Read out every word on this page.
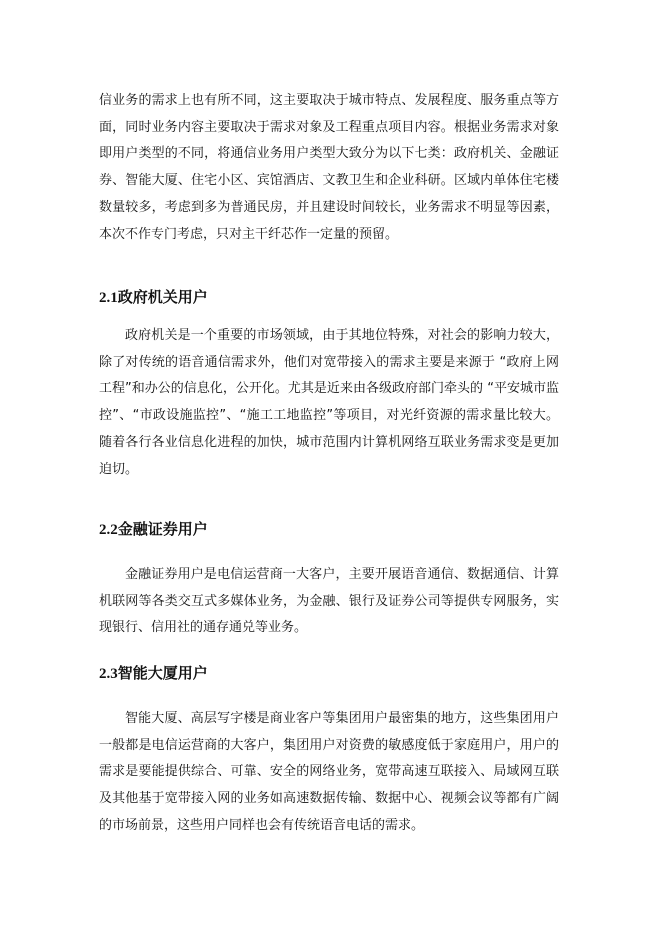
信业务的需求上也有所不同，这主要取决于城市特点、发展程度、服务重点等方面，同时业务内容主要取决于需求对象及工程重点项目内容。根据业务需求对象即用户类型的不同，将通信业务用户类型大致分为以下七类：政府机关、金融证券、智能大厦、住宅小区、宾馆酒店、文教卫生和企业科研。区域内单体住宅楼数量较多，考虑到多为普通民房，并且建设时间较长，业务需求不明显等因素，本次不作专门考虑，只对主干纤芯作一定量的预留。

2.1政府机关用户

政府机关是一个重要的市场领域，由于其地位特殊，对社会的影响力较大，除了对传统的语音通信需求外，他们对宽带接入的需求主要是来源于 “政府上网工程”和办公的信息化，公开化。尤其是近来由各级政府部门牵头的 “平安城市监控”、“市政设施监控”、“施工工地监控”等项目，对光纤资源的需求量比较大。随着各行各业信息化进程的加快，城市范围内计算机网络互联业务需求变是更加迫切。

2.2金融证券用户

金融证券用户是电信运营商一大客户，主要开展语音通信、数据通信、计算机联网等各类交互式多媒体业务，为金融、银行及证券公司等提供专网服务，实现银行、信用社的通存通兑等业务。

2.3智能大厦用户

智能大厦、高层写字楼是商业客户等集团用户最密集的地方，这些集团用户一般都是电信运营商的大客户，集团用户对资费的敏感度低于家庭用户，用户的需求是要能提供综合、可靠、安全的网络业务，宽带高速互联接入、局域网互联及其他基于宽带接入网的业务如高速数据传输、数据中心、视频会议等都有广阔的市场前景，这些用户同样也会有传统语音电话的需求。
